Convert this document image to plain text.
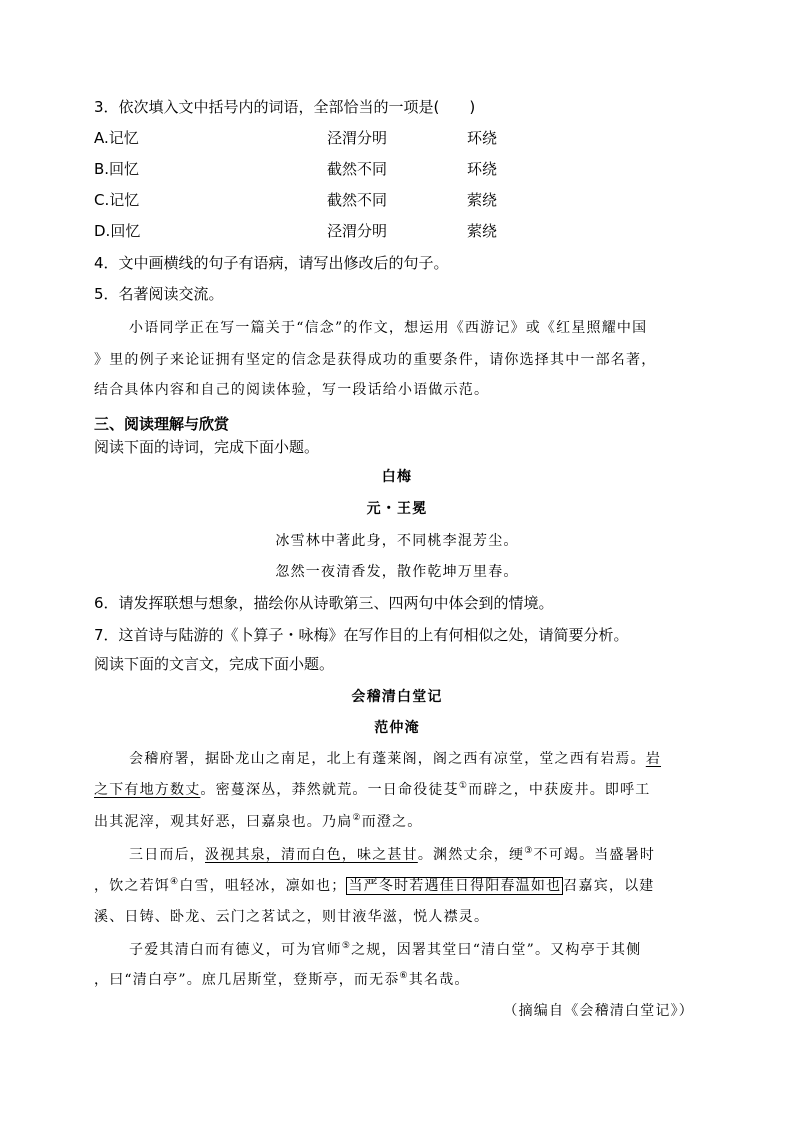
3．依次填入文中括号内的词语，全部恰当的一项是(　　)
A.记忆	泾渭分明	环绕
B.回忆	截然不同	环绕
C.记忆	截然不同	萦绕
D.回忆	泾渭分明	萦绕
4．文中画横线的句子有语病，请写出修改后的句子。
5．名著阅读交流。
小语同学正在写一篇关于“信念”的作文，想运用《西游记》或《红星照耀中国
》里的例子来论证拥有坚定的信念是获得成功的重要条件，请你选择其中一部名著，
结合具体内容和自己的阅读体验，写一段话给小语做示范。
三、阅读理解与欣赏
阅读下面的诗词，完成下面小题。
白梅
元・王冕
冰雪林中著此身，不同桃李混芳尘。
忽然一夜清香发，散作乾坤万里春。
6．请发挥联想与想象，描绘你从诗歌第三、四两句中体会到的情境。
7．这首诗与陆游的《卜算子・咏梅》在写作目的上有何相似之处，请简要分析。
阅读下面的文言文，完成下面小题。
会稽清白堂记
范仲淹
会稽府署，据卧龙山之南足，北上有蓬莱阁，阁之西有凉堂，堂之西有岩焉。岩
之下有地方数丈。密蔓深丛，莽然就荒。一日命役徒芟①而辟之，中获废井。即呼工
出其泥滓，观其好恶，曰嘉泉也。乃扃②而澄之。
三日而后，汲视其泉，清而白色，味之甚甘。渊然丈余，绠③不可竭。当盛暑时
，饮之若饵④白雪，咀轻冰，凛如也； 当严冬时若遇佳日得阳春温如也 召嘉宾，以建
溪、日铸、卧龙、云门之茗试之，则甘液华滋，悦人襟灵。
子爱其清白而有德义，可为官师⑤之规，因署其堂曰“清白堂”。又构亭于其侧
，曰“清白亭”。庶几居斯堂，登斯亭，而无忝⑥其名哉。
（摘编自《会稽清白堂记》）
